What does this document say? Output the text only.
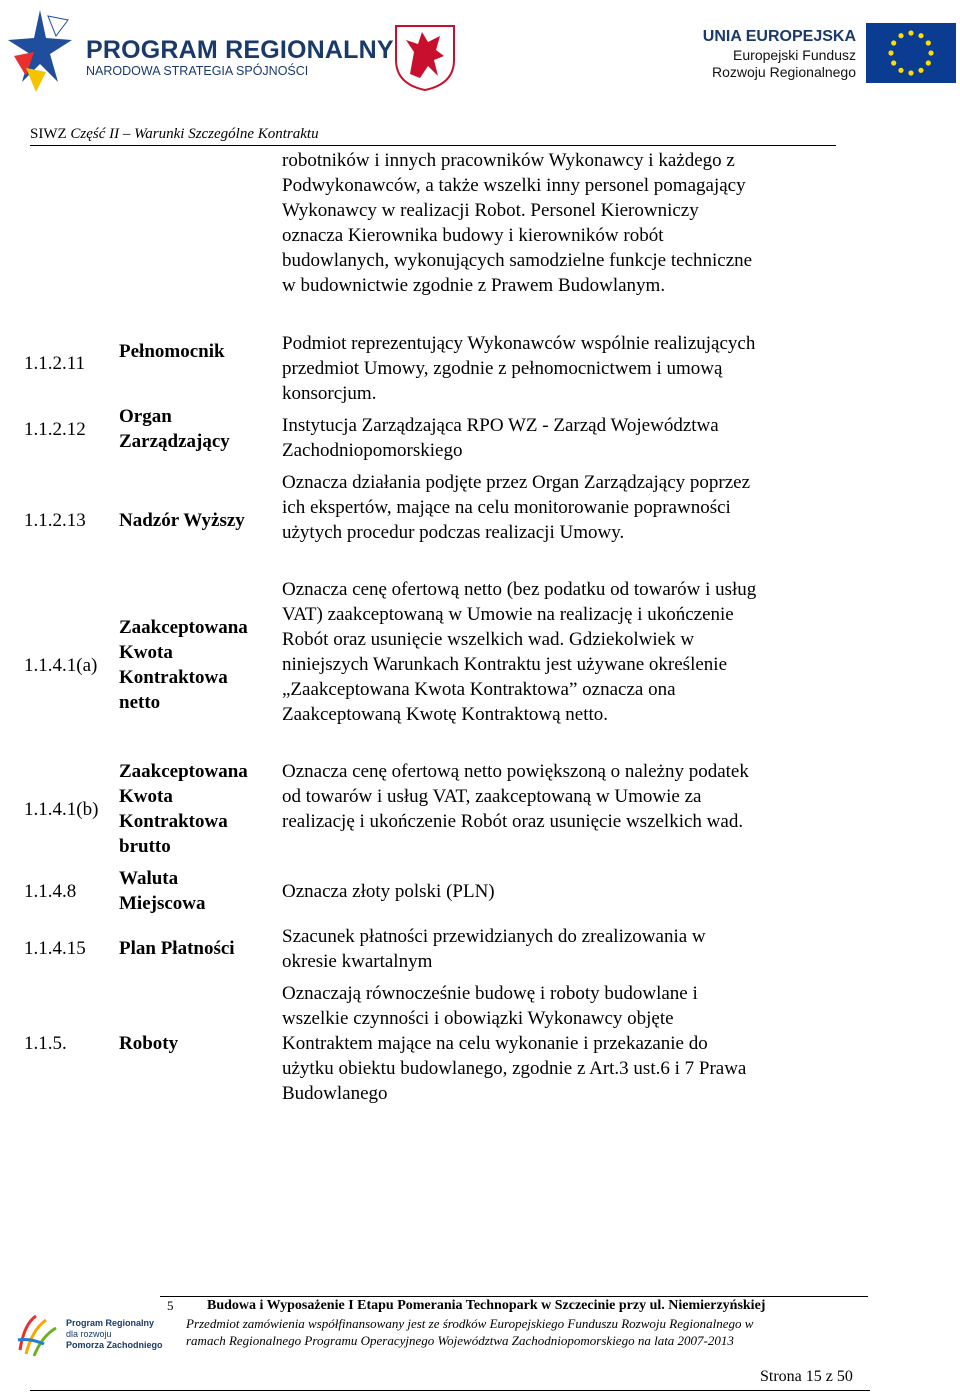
PROGRAM REGIONALNY
NARODOWA STRATEGIA SPÓJNOŚCI
UNIA EUROPEJSKA
Europejski Fundusz
Rozwoju Regionalnego
SIWZ Część II – Warunki Szczególne Kontraktu
robotników i innych pracowników Wykonawcy i każdego z Podwykonawców, a także wszelki inny personel pomagający Wykonawcy w realizacji Robot. Personel Kierowniczy oznacza Kierownika budowy i kierowników robót budowlanych, wykonujących samodzielne funkcje techniczne w budownictwie zgodnie z Prawem Budowlanym.
1.1.2.11
Pełnomocnik	Podmiot reprezentujący Wykonawców wspólnie realizujących przedmiot Umowy, zgodnie z pełnomocnictwem i umową konsorcjum.
1.1.2.12
Organ Zarządzający
Instytucja Zarządzająca RPO WZ - Zarząd Województwa Zachodniopomorskiego
1.1.2.13 Nadzór Wyższy
Oznacza działania podjęte przez Organ Zarządzający poprzez ich ekspertów, mające na celu monitorowanie poprawności użytych procedur podczas realizacji Umowy.
1.1.4.1(a)
Zaakceptowana Kwota Kontraktowa netto
Oznacza cenę ofertową netto (bez podatku od towarów i usług VAT) zaakceptowaną w Umowie na realizację i ukończenie Robót oraz usunięcie wszelkich wad. Gdziekolwiek w niniejszych Warunkach Kontraktu jest używane określenie „Zaakceptowana Kwota Kontraktowa” oznacza ona Zaakceptowaną Kwotę Kontraktową netto.
1.1.4.1(b)
Zaakceptowana Kwota Kontraktowa brutto
Oznacza cenę ofertową netto powiększoną o należny podatek od towarów i usług VAT, zaakceptowaną w Umowie za realizację i ukończenie Robót oraz usunięcie wszelkich wad.
1.1.4.8
Waluta Miejscowa
Oznacza złoty polski (PLN)
1.1.4.15 Plan Płatności
Szacunek płatności przewidzianych do zrealizowania w okresie kwartalnym
1.1.5.	Roboty
Oznaczają równocześnie budowę i roboty budowlane i wszelkie czynności i obowiązki Wykonawcy objęte Kontraktem mające na celu wykonanie i przekazanie do użytku obiektu budowlanego, zgodnie z Art.3 ust.6 i 7 Prawa Budowlanego
5 Budowa i Wyposażenie I Etapu Pomerania Technopark w Szczecinie przy ul. Niemierzyńskiej
Przedmiot zamówienia współfinansowany jest ze środków Europejskiego Funduszu Rozwoju Regionalnego w
ramach Regionalnego Programu Operacyjnego Województwa Zachodniopomorskiego na lata 2007-2013
Program Regionalny
dla rozwoju
Pomorza Zachodniego
Strona 15 z 50
